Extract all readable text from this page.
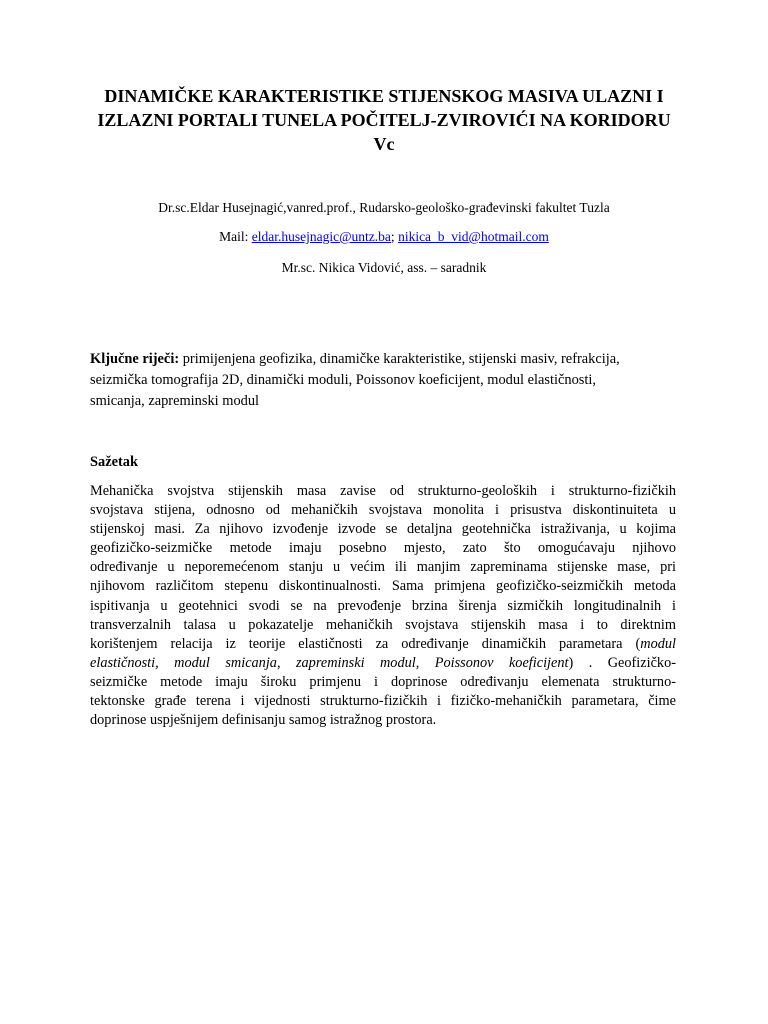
DINAMIČKE KARAKTERISTIKE STIJENSKOG MASIVA ULAZNI I
IZLAZNI PORTALI TUNELA POČITELJ-ZVIROVIĆI NA KORIDORU
Vc

Dr.sc.Eldar Husejnagić,vanred.prof., Rudarsko-geološko-građevinski fakultet Tuzla

Mail: eldar.husejnagic@untz.ba; nikica_b_vid@hotmail.com

Mr.sc. Nikica Vidović, ass. – saradnik

Ključne riječi: primijenjena geofizika, dinamičke karakteristike, stijenski masiv, refrakcija,
seizmička tomografija 2D, dinamički moduli, Poissonov koeficijent, modul elastičnosti,
smicanja, zapreminski modul

Sažetak

Mehanička svojstva stijenskih masa zavise od strukturno-geoloških i strukturno-fizičkih
svojstava stijena, odnosno od mehaničkih svojstava monolita i prisustva diskontinuiteta u
stijenskoj masi. Za njihovo izvođenje izvode se detaljna geotehnička istraživanja, u kojima
geofizičko-seizmičke metode imaju posebno mjesto, zato što omogućavaju njihovo
određivanje u neporemećenom stanju u većim ili manjim zapreminama stijenske mase, pri
njihovom različitom stepenu diskontinualnosti. Sama primjena geofizičko-seizmičkih metoda
ispitivanja u geotehnici svodi se na prevođenje brzina širenja sizmičkih longitudinalnih i
transverzalnih talasa u pokazatelje mehaničkih svojstava stijenskih masa i to direktnim
korištenjem relacija iz teorije elastičnosti za određivanje dinamičkih parametara (modul
elastičnosti, modul smicanja, zapreminski modul, Poissonov koeficijent) . Geofizičko-
seizmičke metode imaju široku primjenu i doprinose određivanju elemenata strukturno-
tektonske građe terena i vijednosti strukturno-fizičkih i fizičko-mehaničkih parametara, čime
doprinose uspješnijem definisanju samog istražnog prostora.
